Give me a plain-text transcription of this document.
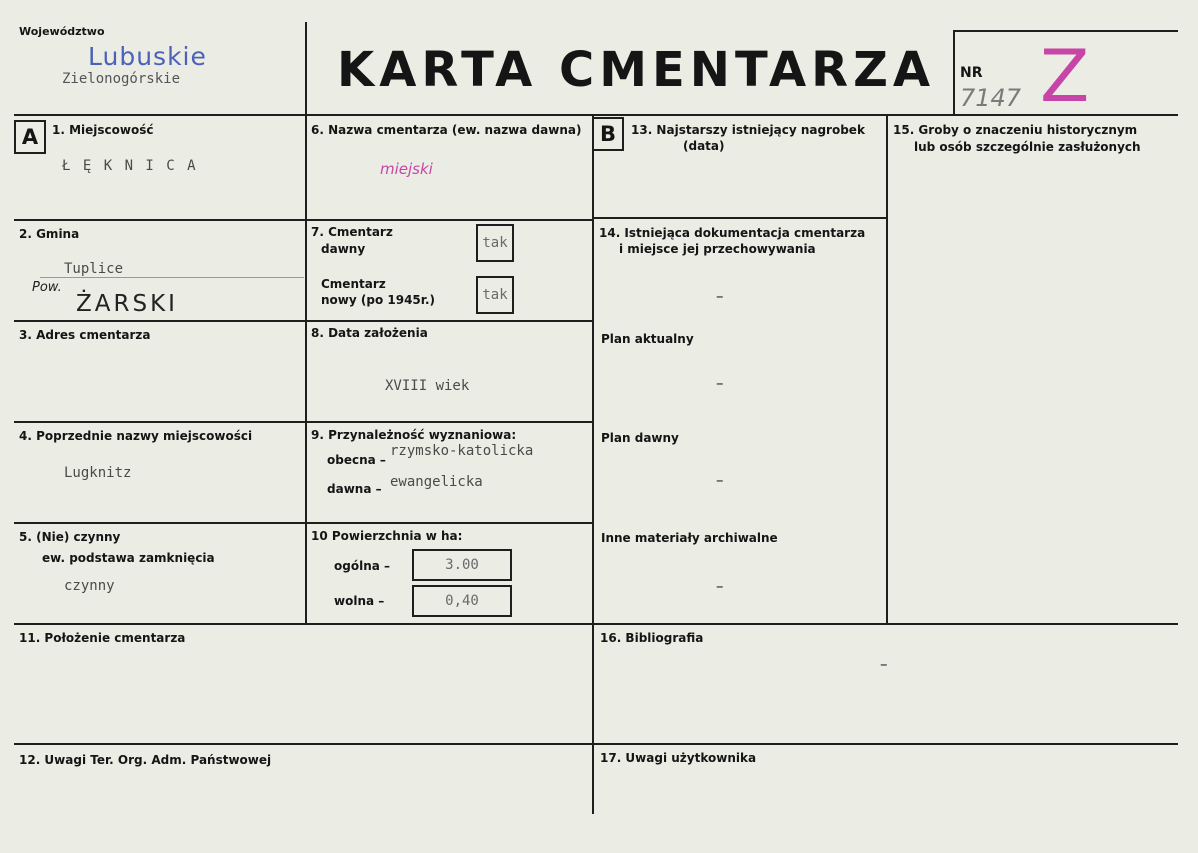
Województwo
Lubuskie
Zielonogórskie	KARTA CMENTARZA NR
7147 Z
A	1. Miejscowość
Ł Ę K N I C A
2. Gmina
Tuplice
Pow.
ŻARSKI
3. Adres cmentarza
4. Poprzednie nazwy miejscowości
Lugknitz
5. (Nie) czynny
ew. podstawa zamknięcia
czynny
6. Nazwa cmentarza (ew. nazwa dawna)
miejski
7. Cmentarz
dawny	tak
Cmentarz
nowy (po 1945r.)	tak
8. Data założenia
XVIII wiek
9. Przynależność wyznaniowa:
obecna –
rzymsko-katolicka
dawna – ewangelicka
10 Powierzchnia w ha:
ogólna –	3.00
wolna –	0,40
11. Położenie cmentarza
12. Uwagi Ter. Org. Adm. Państwowej
B	13. Najstarszy istniejący nagrobek
(data)
14. Istniejąca dokumentacja cmentarza
i miejsce jej przechowywania
–
Plan aktualny
–
Plan dawny
–
Inne materiały archiwalne
–
15. Groby o znaczeniu historycznym
lub osób szczególnie zasłużonych
16. Bibliografia
–
17. Uwagi użytkownika
